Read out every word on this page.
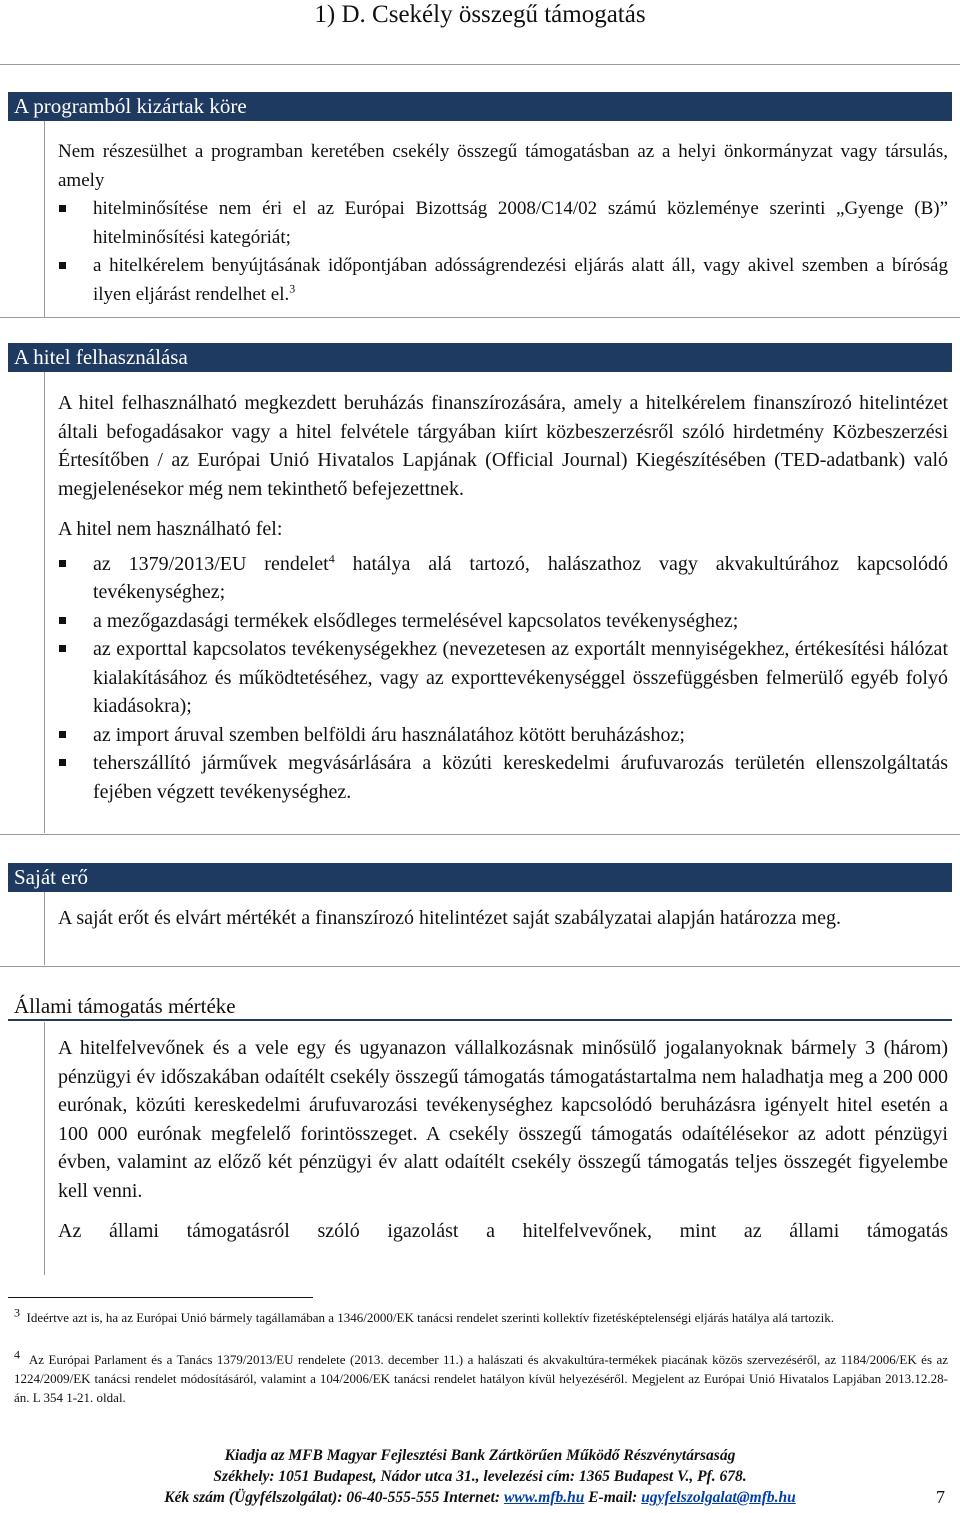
1) D. Csekély összegű támogatás
A programból kizártak köre

Nem részesülhet a programban keretében csekély összegű támogatásban az a helyi önkormányzat vagy társulás, amely

hitelminősítése nem éri el az Európai Bizottság 2008/C14/02 számú közleménye szerinti „Gyenge (B)” hitelminősítési kategóriát;
a hitelkérelem benyújtásának időpontjában adósságrendezési eljárás alatt áll, vagy akivel szemben a bíróság ilyen eljárást rendelhet el.$^3$
A hitel felhasználása

A hitel felhasználható megkezdett beruházás finanszírozására, amely a hitelkérelem finanszírozó hitelintézet általi befogadásakor vagy a hitel felvétele tárgyában kiírt közbeszerzésről szóló hirdetmény Közbeszerzési Értesítőben / az Európai Unió Hivatalos Lapjának (Official Journal) Kiegészítésében (TED-adatbank) való megjelenésekor még nem tekinthető befejezettnek.

A hitel nem használható fel:

az 1379/2013/EU rendelet$^4$ hatálya alá tartozó, halászathoz vagy akvakultúrához kapcsolódó tevékenységhez;
a mezőgazdasági termékek elsődleges termelésével kapcsolatos tevékenységhez;
az exporttal kapcsolatos tevékenységekhez (nevezetesen az exportált mennyiségekhez, értékesítési hálózat kialakításához és működtetéséhez, vagy az exporttevékenységgel összefüggésben felmerülő egyéb folyó kiadásokra);
az import áruval szemben belföldi áru használatához kötött beruházáshoz;
teherszállító járművek megvásárlására a közúti kereskedelmi árufuvarozás területén ellenszolgáltatás fejében végzett tevékenységhez.
Saját erő
A saját erőt és elvárt mértékét a finanszírozó hitelintézet saját szabályzatai alapján határozza meg.
Állami támogatás mértéke

A hitelfelvevőnek és a vele egy és ugyanazon vállalkozásnak minősülő jogalanyoknak bármely 3 (három) pénzügyi év időszakában odaítélt csekély összegű támogatás támogatástartalma nem haladhatja meg a 200 000 eurónak, közúti kereskedelmi árufuvarozási tevékenységhez kapcsolódó beruházásra igényelt hitel esetén a 100 000 eurónak megfelelő forintösszeget. A csekély összegű támogatás odaítélésekor az adott pénzügyi évben, valamint az előző két pénzügyi év alatt odaítélt csekély összegű támogatás teljes összegét figyelembe kell venni.

Az állami támogatásról szóló igazolást a hitelfelvevőnek, mint az állami támogatás

$^3$ Ideértve azt is, ha az Európai Unió bármely tagállamában a 1346/2000/EK tanácsi rendelet szerinti kollektív fizetésképtelenségi eljárás hatálya alá tartozik.
$^4$ Az Európai Parlament és a Tanács 1379/2013/EU rendelete (2013. december 11.) a halászati és akvakultúra-termékek piacának közös szervezéséről, az 1184/2006/EK és az 1224/2009/EK tanácsi rendelet módosításáról, valamint a 104/2006/EK tanácsi rendelet hatályon kívül helyezéséről. Megjelent az Európai Unió Hivatalos Lapjában 2013.12.28-án. L 354 1-21. oldal.
Kiadja az MFB Magyar Fejlesztési Bank Zártkörűen Működő Részvénytársaság
Székhely: 1051 Budapest, Nádor utca 31., levelezési cím: 1365 Budapest V., Pf. 678.
Kék szám (Ügyfélszolgálat): 06-40-555-555 Internet: www.mfb.hu E-mail: ugyfelszolgalat@mfb.hu	7
